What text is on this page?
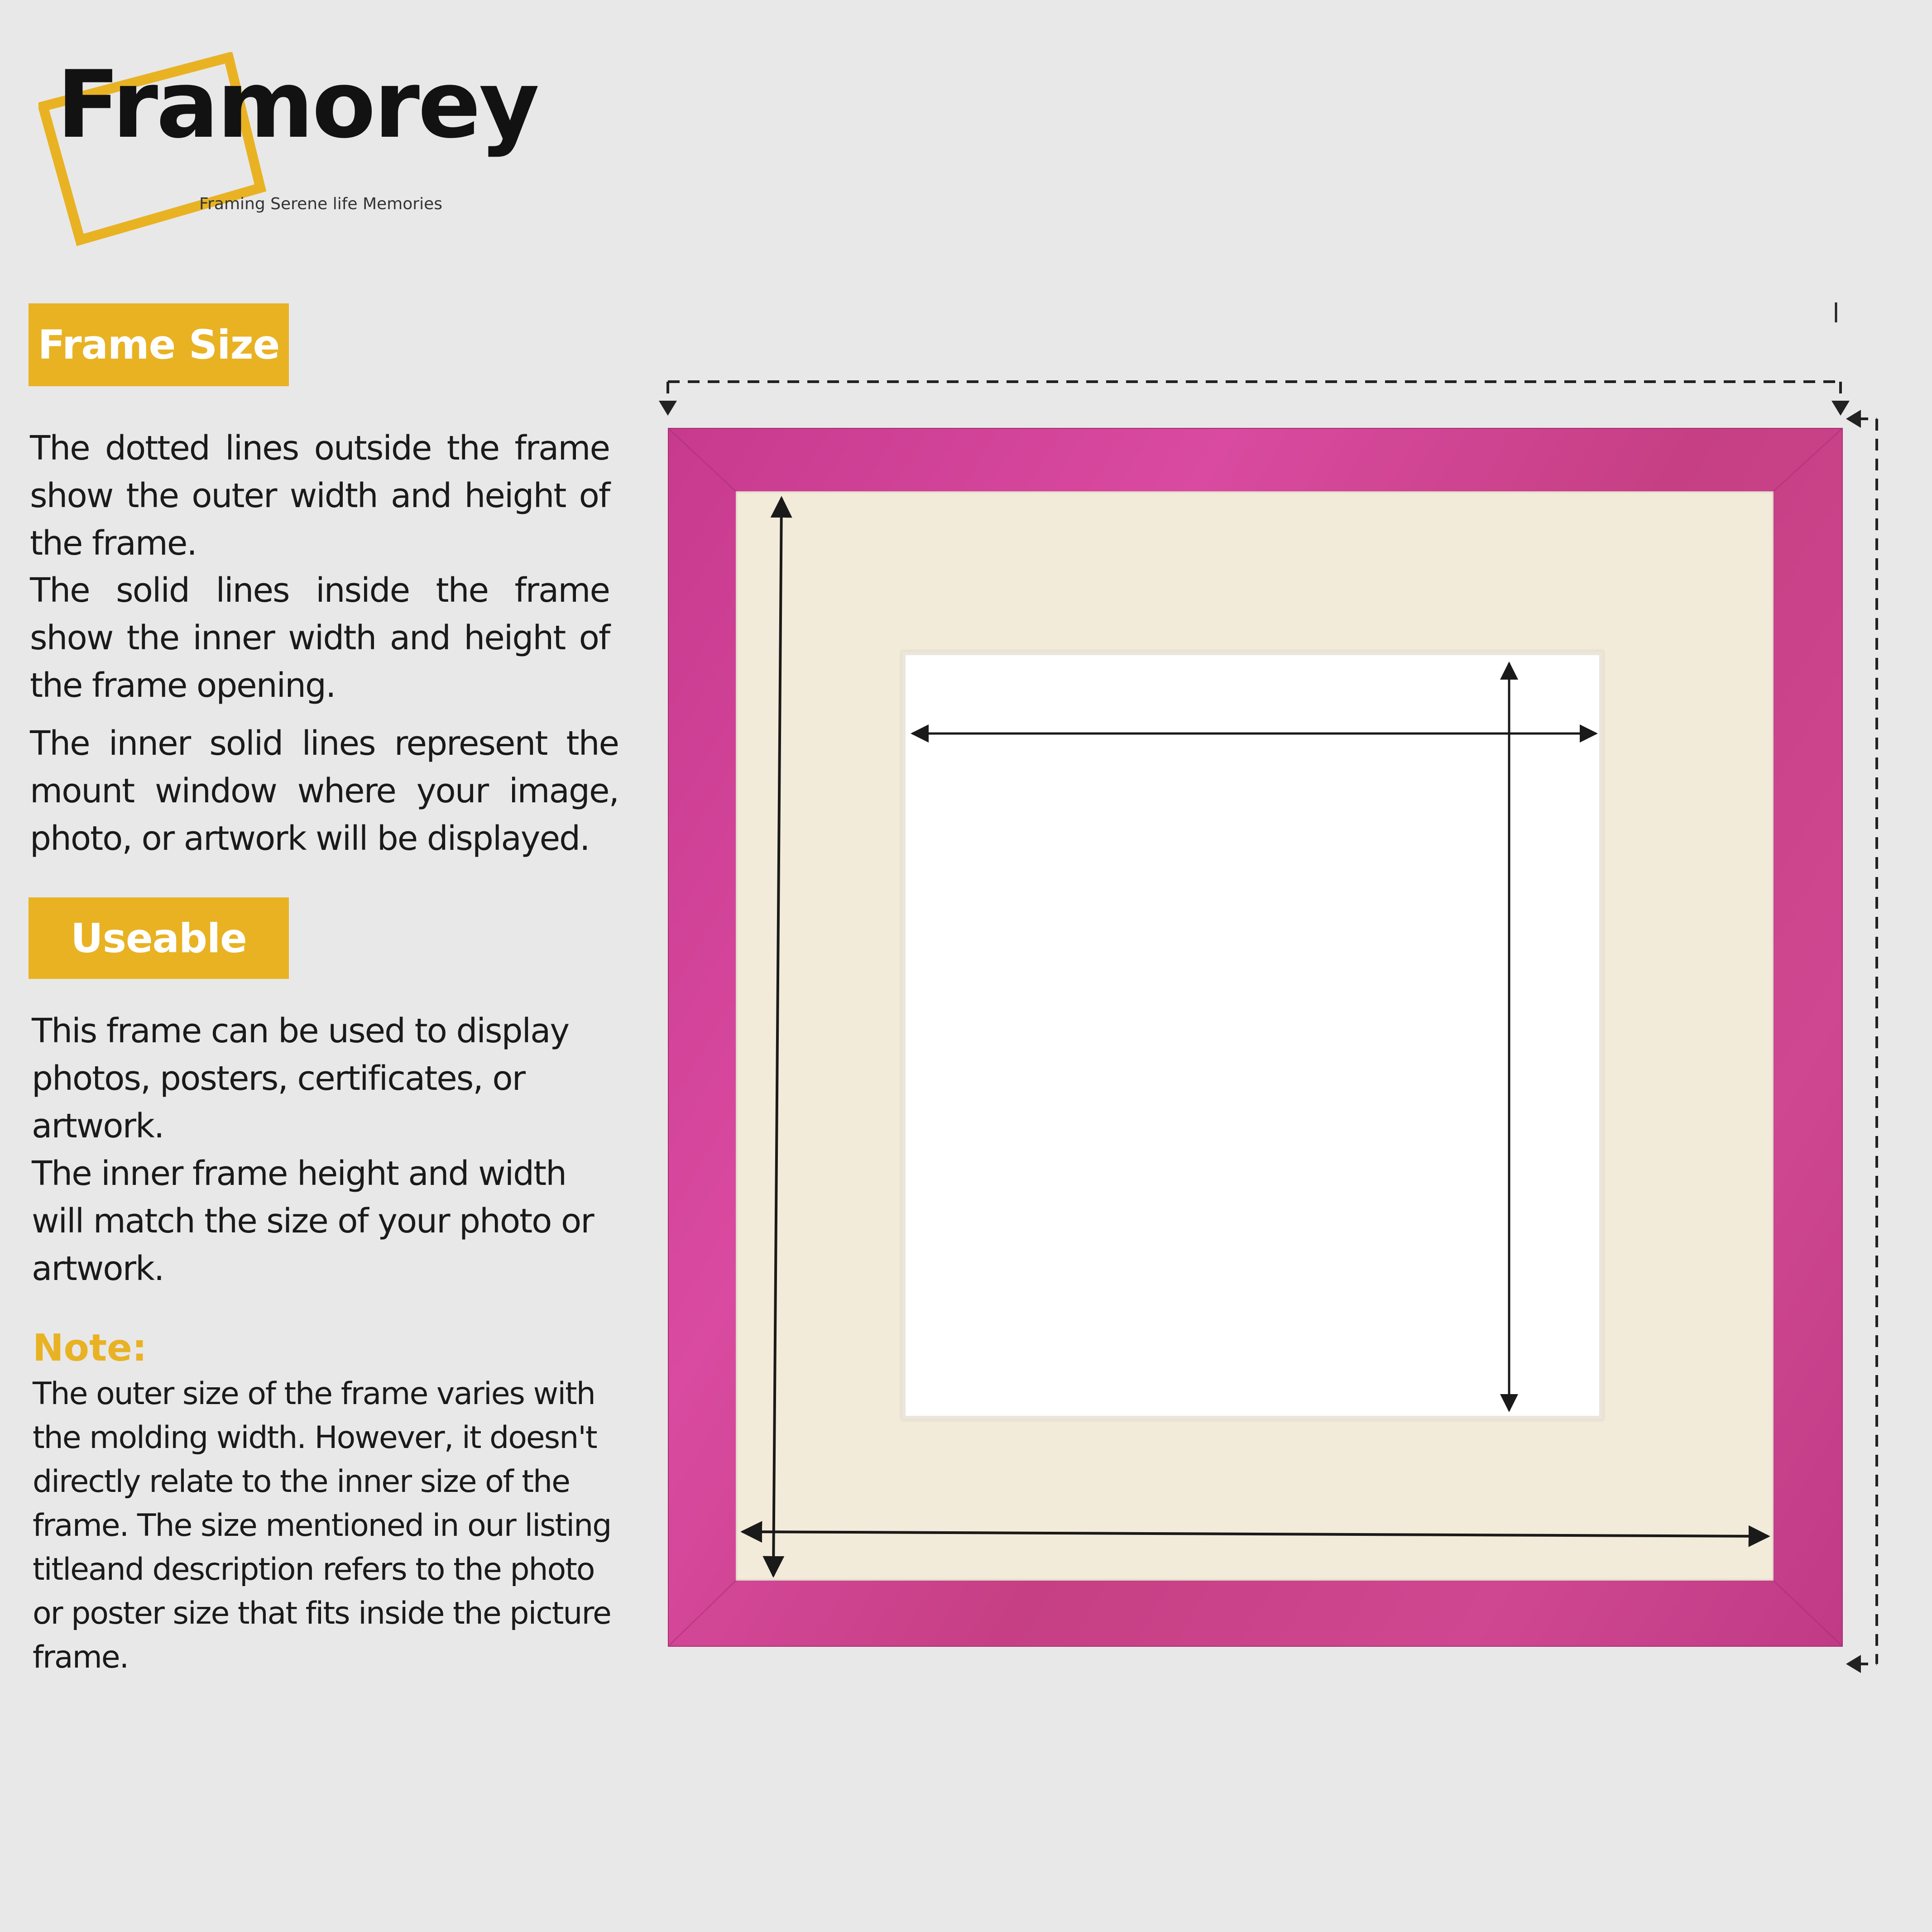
Framorey
Framing Serene life Memories
Frame Size
The dotted lines outside the frame show the outer width and height of the frame.
The solid lines inside the frame show the inner width and height of the frame opening.
The inner solid lines represent the mount window where your image, photo, or artwork will be displayed.
Useable
This frame can be used to display photos, posters, certificates, or artwork.
The inner frame height and width will match the size of your photo or artwork.
Note:
The outer size of the frame varies with the molding width. However, it doesn't directly relate to the inner size of the frame. The size mentioned in our listing titleand description refers to the photo or poster size that fits inside the picture frame.
